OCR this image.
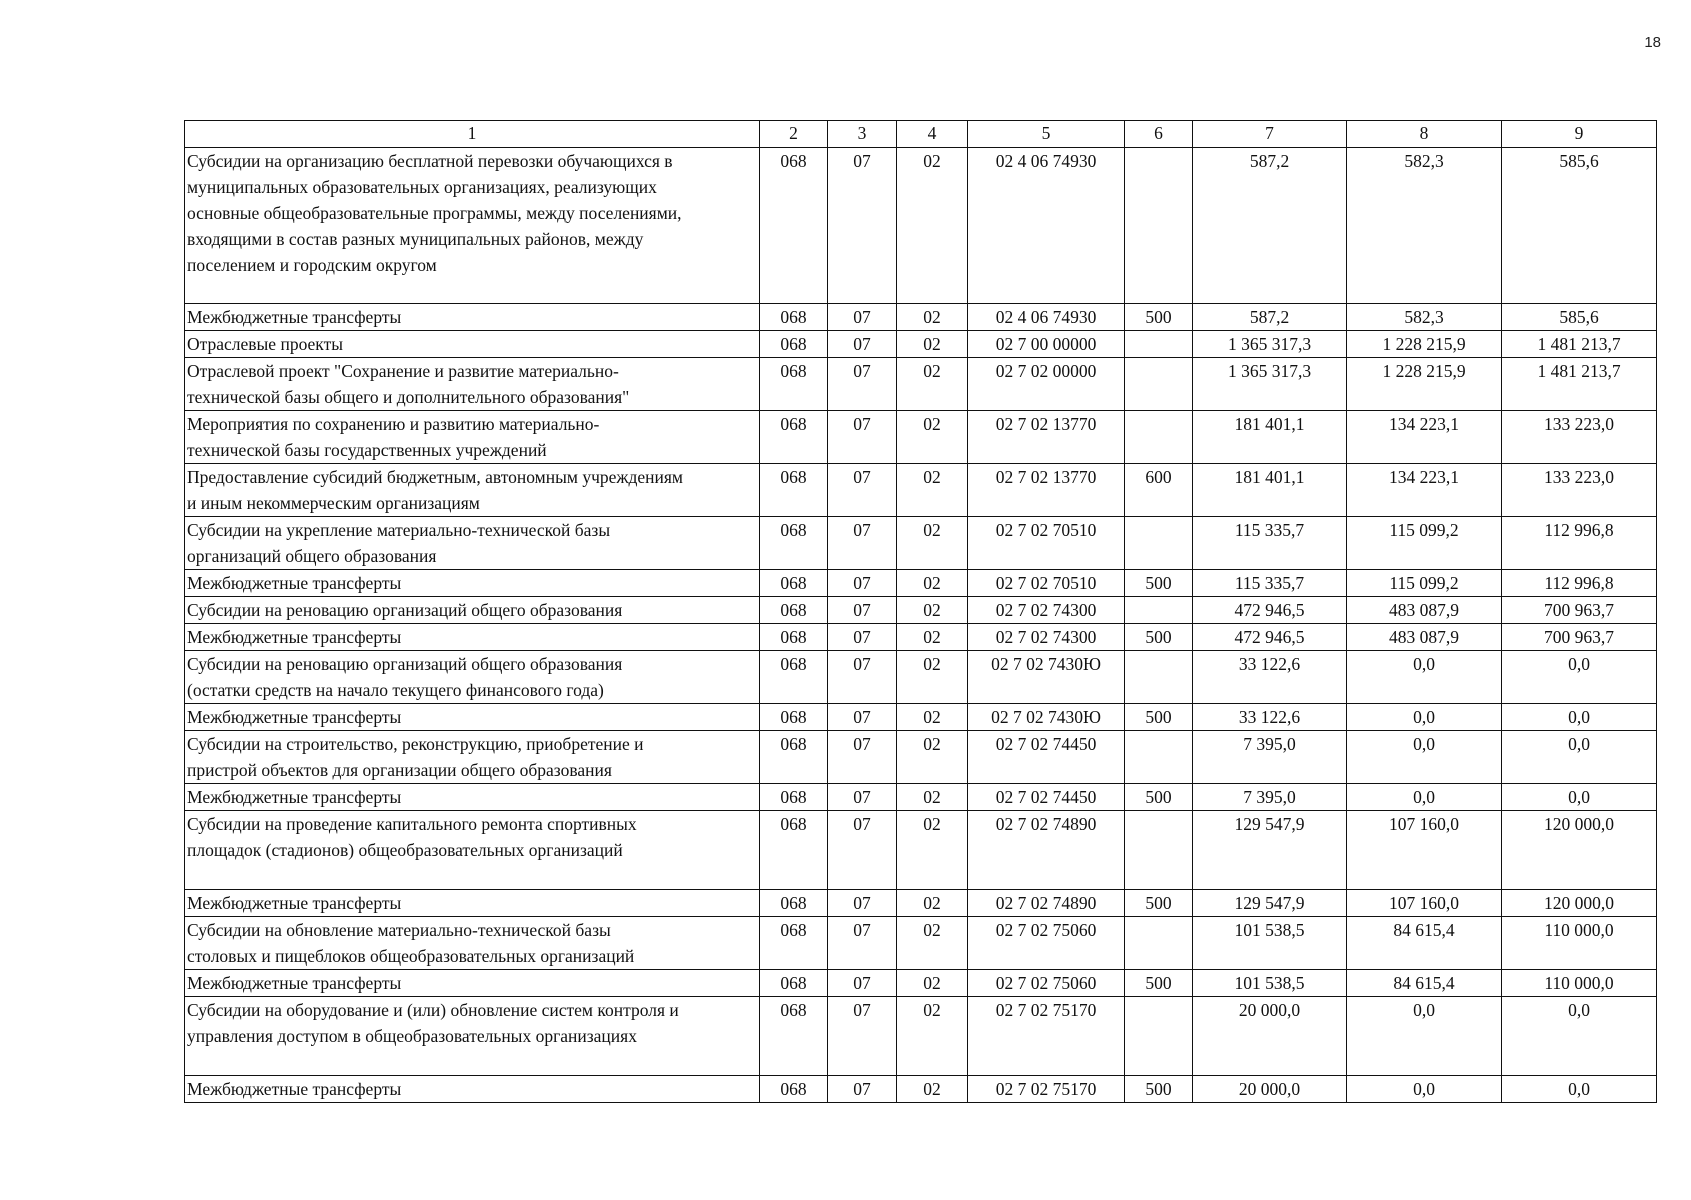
18
1	2	3	4	5	6	7	8	9
Субсидии на организацию бесплатной перевозки обучающихся в
муниципальных образовательных организациях, реализующих
основные общеобразовательные программы, между поселениями,
входящими в состав разных муниципальных районов, между
поселением и городским округом	068	07	02	02 4 06 74930		587,2	582,3	585,6
Межбюджетные трансферты	068	07	02	02 4 06 74930	500	587,2	582,3	585,6
Отраслевые проекты	068	07	02	02 7 00 00000		1 365 317,3	1 228 215,9	1 481 213,7
Отраслевой проект "Сохранение и развитие материально-
технической базы общего и дополнительного образования"	068	07	02	02 7 02 00000		1 365 317,3	1 228 215,9	1 481 213,7
Мероприятия по сохранению и развитию материально-
технической базы государственных учреждений	068	07	02	02 7 02 13770		181 401,1	134 223,1	133 223,0
Предоставление субсидий бюджетным, автономным учреждениям
и иным некоммерческим организациям	068	07	02	02 7 02 13770	600	181 401,1	134 223,1	133 223,0
Субсидии на укрепление материально-технической базы
организаций общего образования	068	07	02	02 7 02 70510		115 335,7	115 099,2	112 996,8
Межбюджетные трансферты	068	07	02	02 7 02 70510	500	115 335,7	115 099,2	112 996,8
Субсидии на реновацию организаций общего образования	068	07	02	02 7 02 74300		472 946,5	483 087,9	700 963,7
Межбюджетные трансферты	068	07	02	02 7 02 74300	500	472 946,5	483 087,9	700 963,7
Субсидии на реновацию организаций общего образования
(остатки средств на начало текущего финансового года)	068	07	02	02 7 02 7430Ю		33 122,6	0,0	0,0
Межбюджетные трансферты	068	07	02	02 7 02 7430Ю	500	33 122,6	0,0	0,0
Субсидии на строительство, реконструкцию, приобретение и
пристрой объектов для организации общего образования	068	07	02	02 7 02 74450		7 395,0	0,0	0,0
Межбюджетные трансферты	068	07	02	02 7 02 74450	500	7 395,0	0,0	0,0
Субсидии на проведение капитального ремонта спортивных
площадок (стадионов) общеобразовательных организаций	068	07	02	02 7 02 74890		129 547,9	107 160,0	120 000,0
Межбюджетные трансферты	068	07	02	02 7 02 74890	500	129 547,9	107 160,0	120 000,0
Субсидии на обновление материально-технической базы
столовых и пищеблоков общеобразовательных организаций	068	07	02	02 7 02 75060		101 538,5	84 615,4	110 000,0
Межбюджетные трансферты	068	07	02	02 7 02 75060	500	101 538,5	84 615,4	110 000,0
Субсидии на оборудование и (или) обновление систем контроля и
управления доступом в общеобразовательных организациях	068	07	02	02 7 02 75170		20 000,0	0,0	0,0
Межбюджетные трансферты	068	07	02	02 7 02 75170	500	20 000,0	0,0	0,0
